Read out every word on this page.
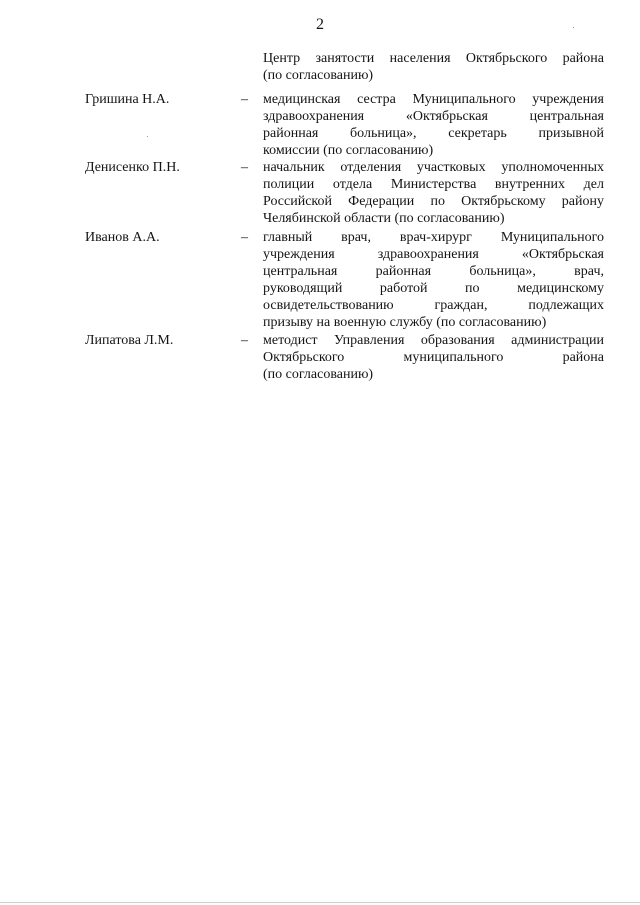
2
Центр занятости населения Октябрьского района
(по согласованию)
Гришина Н.А.	– медицинская сестра Муниципального учреждения
здравоохранения «Октябрьская центральная
районная больница», секретарь призывной
комиссии (по согласованию)
Денисенко П.Н.	– начальник отделения участковых уполномоченных
полиции отдела Министерства внутренних дел
Российской Федерации по Октябрьскому району
Челябинской области (по согласованию)
Иванов А.А.	– главный врач, врач-хирург Муниципального
учреждения здравоохранения «Октябрьская
центральная районная больница», врач,
руководящий работой по медицинскому
освидетельствованию граждан, подлежащих
призыву на военную службу (по согласованию)
Липатова Л.М.	– методист Управления образования администрации
Октябрьского муниципального района
(по согласованию)
